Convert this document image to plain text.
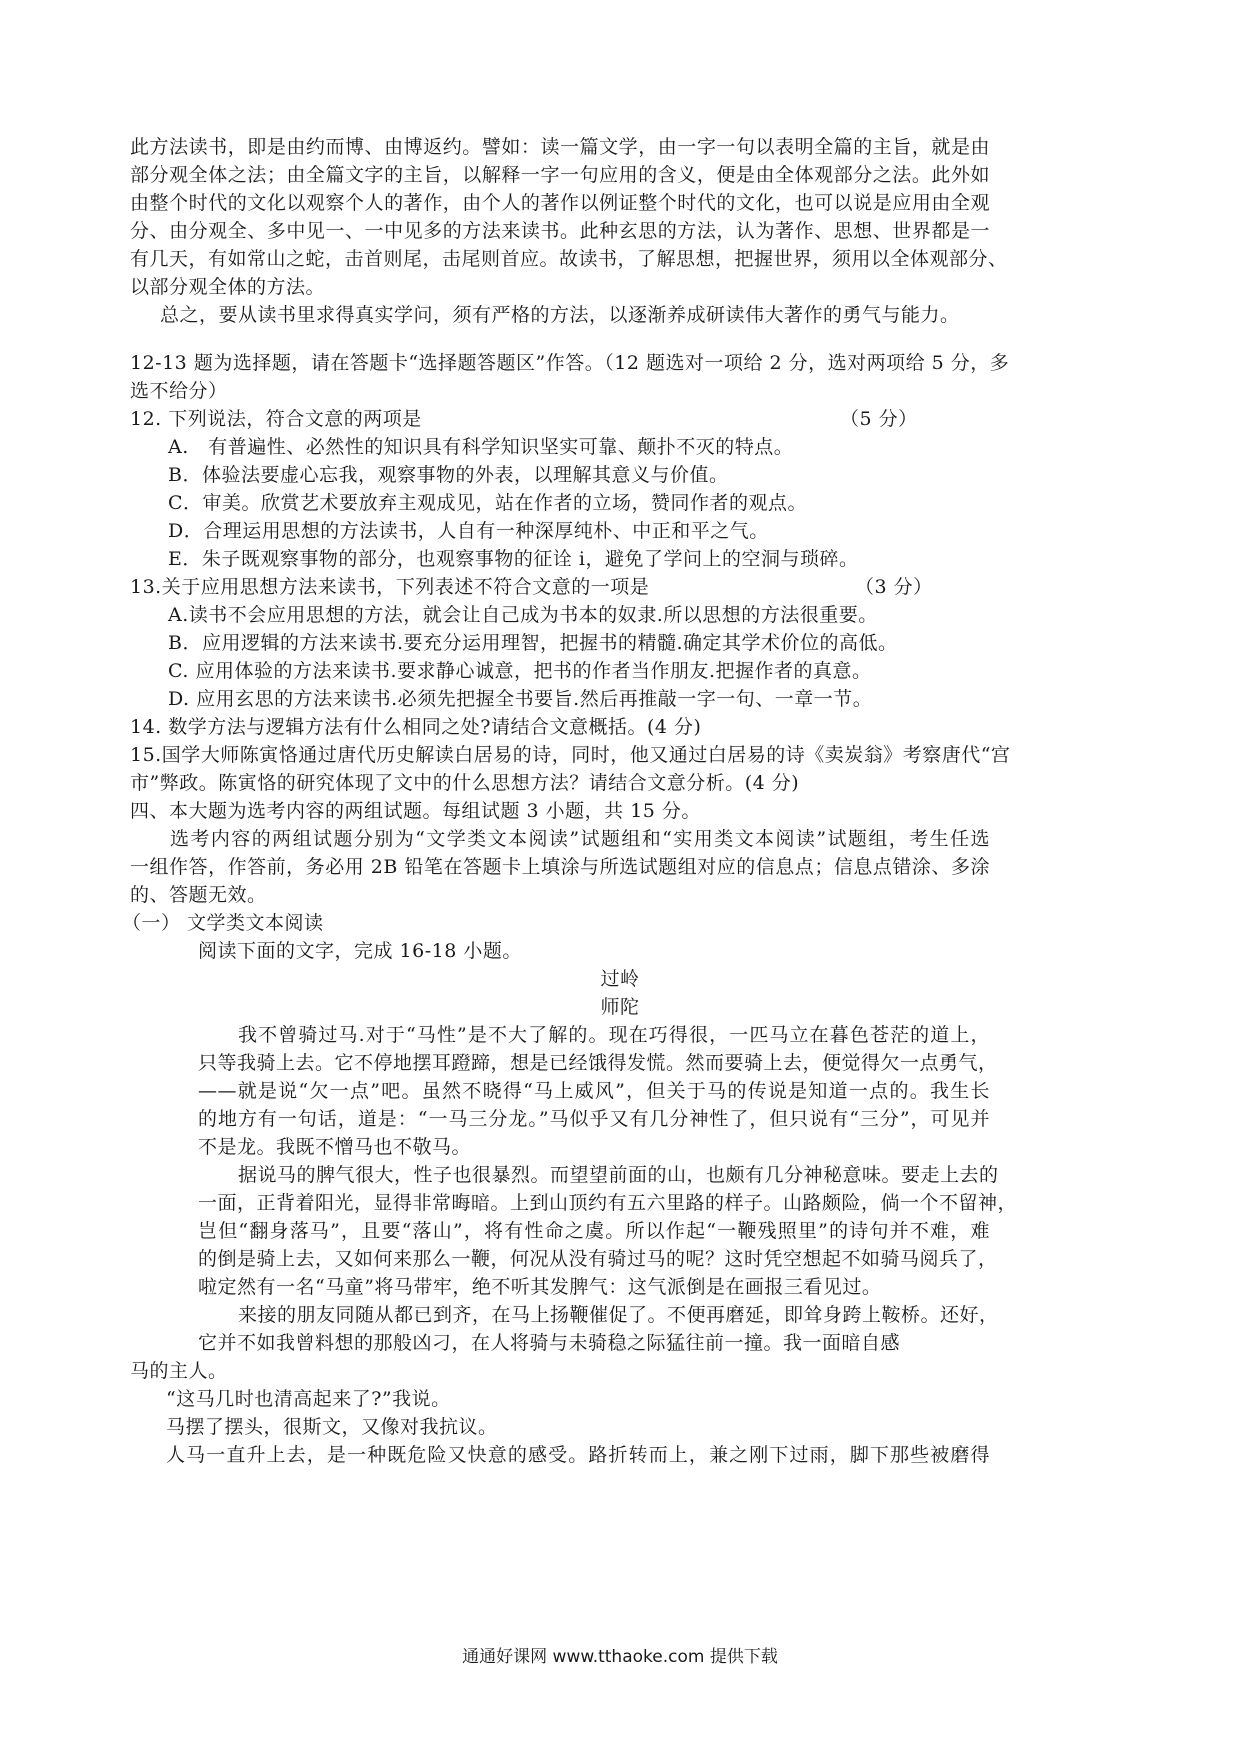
此方法读书，即是由约而博、由博返约。譬如：读一篇文学，由一字一句以表明全篇的主旨，就是由
部分观全体之法；由全篇文字的主旨，以解释一字一句应用的含义，便是由全体观部分之法。此外如
由整个时代的文化以观察个人的著作，由个人的著作以例证整个时代的文化，也可以说是应用由全观
分、由分观全、多中见一、一中见多的方法来读书。此种玄思的方法，认为著作、思想、世界都是一
有几天，有如常山之蛇，击首则尾，击尾则首应。故读书，了解思想，把握世界，须用以全体观部分、
以部分观全体的方法。
总之，要从读书里求得真实学问，须有严格的方法，以逐渐养成研读伟大著作的勇气与能力。
12-13 题为选择题，请在答题卡“选择题答题区”作答。（12 题选对一项给 2 分，选对两项给 5 分，多
选不给分）
12. 下列说法，符合文意的两项是	（5 分）
A.　有普遍性、必然性的知识具有科学知识坚实可靠、颠扑不灭的特点。
B．体验法要虚心忘我，观察事物的外表，以理解其意义与价值。
C．审美。欣赏艺术要放弃主观成见，站在作者的立场，赞同作者的观点。
D．合理运用思想的方法读书，人自有一种深厚纯朴、中正和平之气。
E．朱子既观察事物的部分，也观察事物的征诠 i，避免了学问上的空洞与琐碎。
13.关于应用思想方法来读书，下列表述不符合文意的一项是	（3 分）
A.读书不会应用思想的方法，就会让自己成为书本的奴隶.所以思想的方法很重要。
B．应用逻辑的方法来读书.要充分运用理智，把握书的精髓.确定其学术价位的高低。
C. 应用体验的方法来读书.要求静心诚意，把书的作者当作朋友.把握作者的真意。
D. 应用玄思的方法来读书.必须先把握全书要旨.然后再推敲一字一句、一章一节。
14. 数学方法与逻辑方法有什么相同之处?请结合文意概括。(4 分)
15.国学大师陈寅恪通过唐代历史解读白居易的诗，同时，他又通过白居易的诗《卖炭翁》考察唐代“宫
市”弊政。陈寅恪的研究体现了文中的什么思想方法？请结合文意分析。(4 分)
四、本大题为选考内容的两组试题。每组试题 3 小题，共 15 分。
选考内容的两组试题分别为“文学类文本阅读”试题组和“实用类文本阅读”试题组，考生任选
一组作答，作答前，务必用 2B 铅笔在答题卡上填涂与所选试题组对应的信息点；信息点错涂、多涂
的、答题无效。
（一） 文学类文本阅读
阅读下面的文字，完成 16-18 小题。
过岭
师陀
我不曾骑过马.对于“马性”是不大了解的。现在巧得很，一匹马立在暮色苍茫的道上，
只等我骑上去。它不停地摆耳蹬蹄，想是已经饿得发慌。然而要骑上去，便觉得欠一点勇气，
——就是说“欠一点”吧。虽然不晓得“马上威风”，但关于马的传说是知道一点的。我生长
的地方有一句话，道是：“一马三分龙。”马似乎又有几分神性了，但只说有“三分”，可见并
不是龙。我既不憎马也不敬马。
据说马的脾气很大，性子也很暴烈。而望望前面的山，也颇有几分神秘意味。要走上去的
一面，正背着阳光，显得非常晦暗。上到山顶约有五六里路的样子。山路颇险，倘一个不留神，
岂但“翻身落马”，且要“落山”，将有性命之虞。所以作起“一鞭残照里”的诗句并不难，难
的倒是骑上去，又如何来那么一鞭，何况从没有骑过马的呢？这时凭空想起不如骑马阅兵了，
啦定然有一名“马童”将马带牢，绝不听其发脾气：这气派倒是在画报三看见过。
来接的朋友同随从都已到齐，在马上扬鞭催促了。不便再磨延，即耸身跨上鞍桥。还好，
它并不如我曾料想的那般凶刁，在人将骑与未骑稳之际猛往前一撞。我一面暗自感
马的主人。
“这马几时也清高起来了?”我说。
马摆了摆头，很斯文，又像对我抗议。
人马一直升上去，是一种既危险又快意的感受。路折转而上，兼之刚下过雨，脚下那些被磨得
通通好课网 www.tthaoke.com 提供下载
